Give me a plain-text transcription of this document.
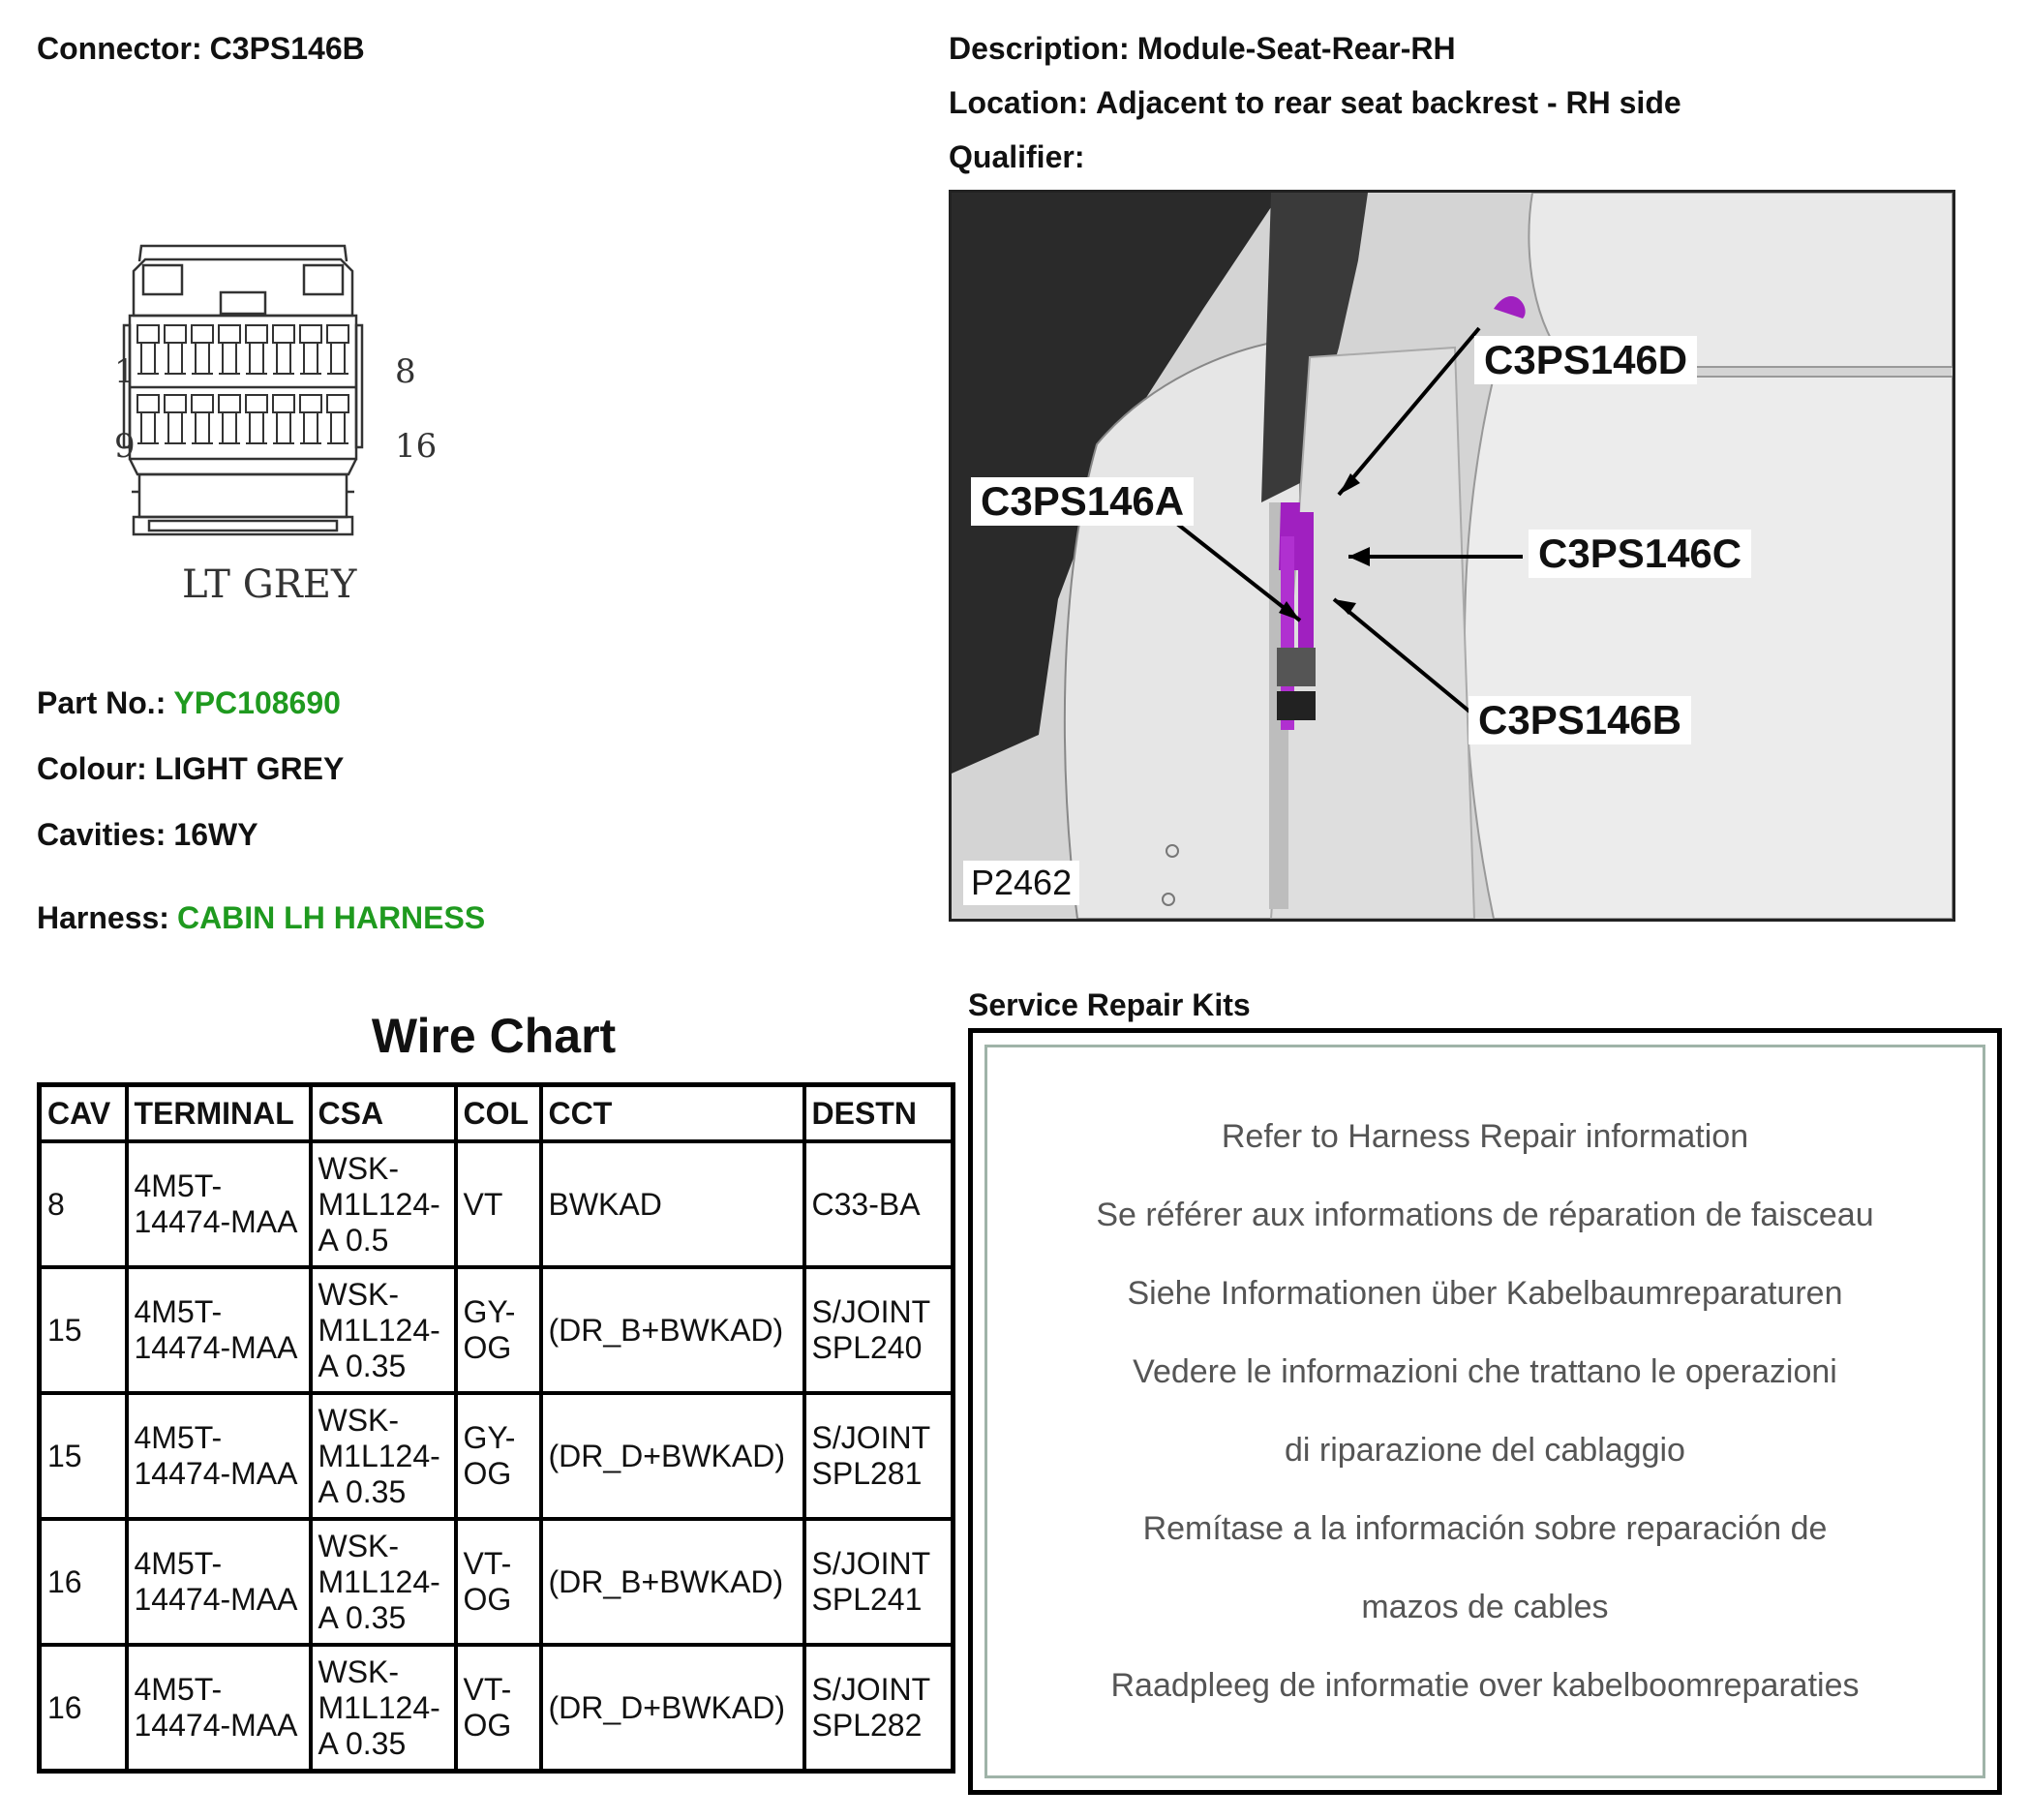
Connector: C3PS146B	Description: Module-Seat-Rear-RH
Location: Adjacent to rear seat backrest - RH side
Qualifier:
1	8
9	16
LT GREY
Part No.: YPC108690
Colour: LIGHT GREY
Cavities: 16WY
Harness: CABIN LH HARNESS
C3PS146D
C3PS146A
C3PS146C
C3PS146B
P2462
Wire Chart
CAV	TERMINAL	CSA	COL	CCT	DESTN
8	4M5T-14474-MAA	WSK-M1L124-A 0.5	VT	BWKAD	C33-BA
15	4M5T-14474-MAA	WSK-M1L124-A 0.35	GY-OG	(DR_B+BWKAD)	S/JOINT SPL240
15	4M5T-14474-MAA	WSK-M1L124-A 0.35	GY-OG	(DR_D+BWKAD)	S/JOINT SPL281
16	4M5T-14474-MAA	WSK-M1L124-A 0.35	VT-OG	(DR_B+BWKAD)	S/JOINT SPL241
16	4M5T-14474-MAA	WSK-M1L124-A 0.35	VT-OG	(DR_D+BWKAD)	S/JOINT SPL282
Service Repair Kits
Refer to Harness Repair information
Se référer aux informations de réparation de faisceau
Siehe Informationen über Kabelbaumreparaturen
Vedere le informazioni che trattano le operazioni
di riparazione del cablaggio
Remítase a la información sobre reparación de
mazos de cables
Raadpleeg de informatie over kabelboomreparaties
